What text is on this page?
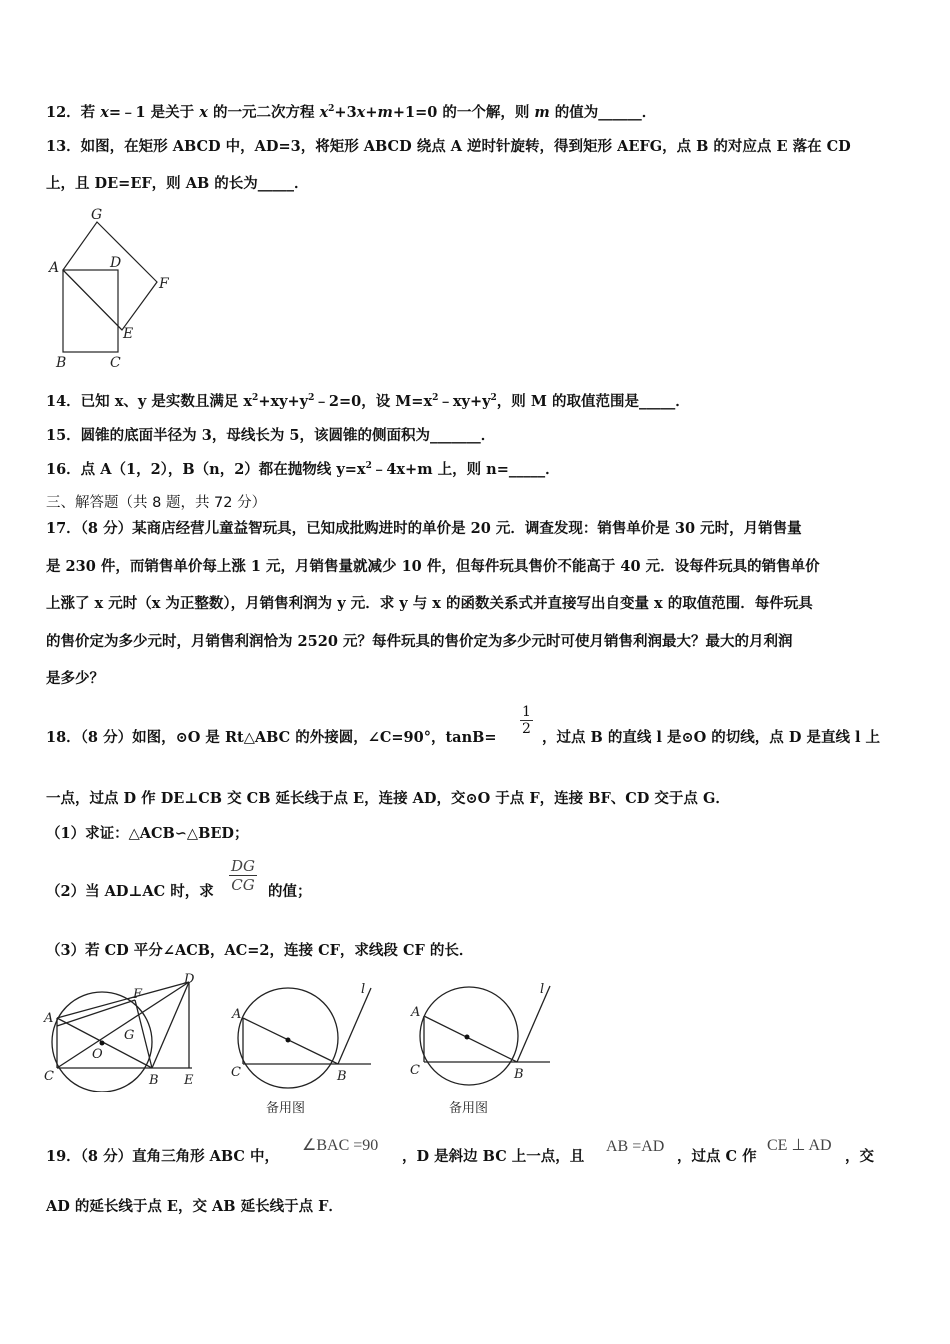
12．若 x=﹣1 是关于 x 的一元二次方程 $x^2+3x+m+1=0$ 的一个解，则 m 的值为______．
13．如图，在矩形 ABCD 中，AD=3，将矩形 ABCD 绕点 A 逆时针旋转，得到矩形 AEFG，点 B 的对应点 E 落在 CD
上，且 DE=EF，则 AB 的长为_____．
G
A	D
F
E
B	C
14．已知 x、y 是实数且满足 $x^2+xy+y^2﹣2=0$，设 $M=x^2﹣xy+y^2$，则 M 的取值范围是_____．
15．圆锥的底面半径为 3，母线长为 5，该圆锥的侧面积为_______．
16．点 A（1，2），B（n，2）都在抛物线 $y=x^2﹣4x+m$ 上，则 n=_____．
三、解答题（共 8 题，共 72 分）
17．（8 分）某商店经营儿童益智玩具，已知成批购进时的单价是 20 元．调查发现：销售单价是 30 元时，月销售量
是 230 件，而销售单价每上涨 1 元，月销售量就减少 10 件，但每件玩具售价不能高于 40 元．设每件玩具的销售单价
上涨了 x 元时（x 为正整数），月销售利润为 y 元．求 y 与 x 的函数关系式并直接写出自变量 x 的取值范围．每件玩具
的售价定为多少元时，月销售利润恰为 2520 元？每件玩具的售价定为多少元时可使月销售利润最大？最大的月利润
是多少？
18．（8 分）如图，⊙O 是 Rt△ABC 的外接圆，∠C=90°，tanB=
$\frac{1}{2}$
，过点 B 的直线 l 是⊙O 的切线，点 D 是直线 l 上
一点，过点 D 作 DE⊥CB 交 CB 延长线于点 E，连接 AD，交⊙O 于点 F，连接 BF、CD 交于点 G．
（1）求证：△ACB∽△BED；
（2）当 AD⊥AC 时，求 $\frac{DG}{CG}$ 的值；
（3）若 CD 平分∠ACB，AC=2，连接 CF，求线段 CF 的长．
A
F
D
G
O
C	B E
A
C	B
l
备用图
A
C	B
l
备用图
19．（8 分）直角三角形 ABC 中，
∠BAC =90
，D 是斜边 BC 上一点，且
AB =AD
，过点 C 作
CE ⊥ AD
，交
AD 的延长线于点 E，交 AB 延长线于点 F．
